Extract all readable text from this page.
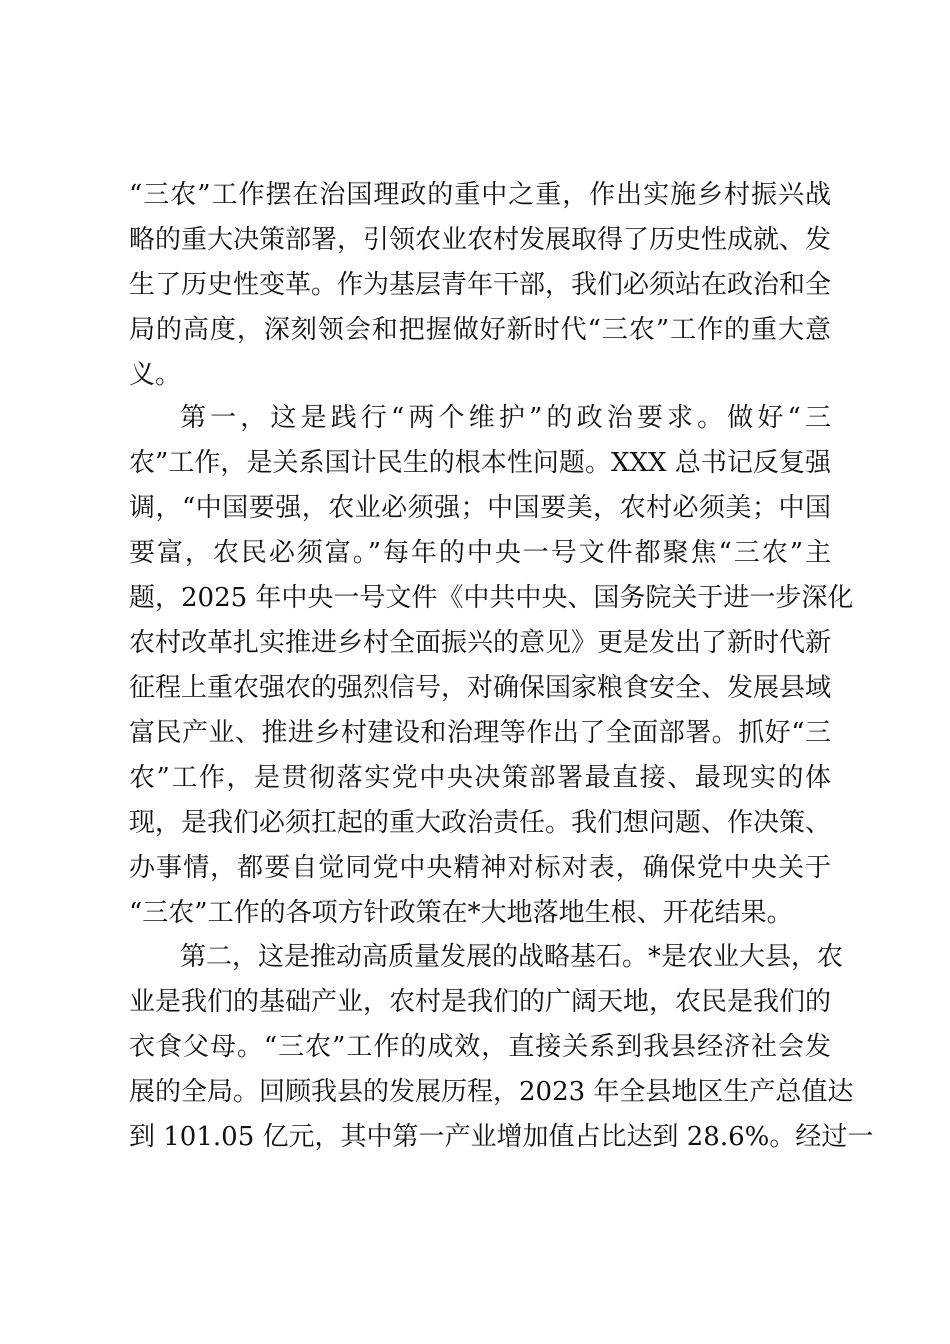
“三农”工作摆在治国理政的重中之重，作出实施乡村振兴战
略的重大决策部署，引领农业农村发展取得了历史性成就、发
生了历史性变革。作为基层青年干部，我们必须站在政治和全
局的高度，深刻领会和把握做好新时代“三农”工作的重大意
义。
第一，这是践行“两个维护”的政治要求。做好“三
农”工作，是关系国计民生的根本性问题。XXX 总书记反复强
调，“中国要强，农业必须强；中国要美，农村必须美；中国
要富，农民必须富。”每年的中央一号文件都聚焦“三农”主
题，2025 年中央一号文件《中共中央、国务院关于进一步深化
农村改革扎实推进乡村全面振兴的意见》更是发出了新时代新
征程上重农强农的强烈信号，对确保国家粮食安全、发展县域
富民产业、推进乡村建设和治理等作出了全面部署。抓好“三
农”工作，是贯彻落实党中央决策部署最直接、最现实的体
现，是我们必须扛起的重大政治责任。我们想问题、作决策、
办事情，都要自觉同党中央精神对标对表，确保党中央关于
“三农”工作的各项方针政策在*大地落地生根、开花结果。
第二，这是推动高质量发展的战略基石。*是农业大县，农
业是我们的基础产业，农村是我们的广阔天地，农民是我们的
衣食父母。“三农”工作的成效，直接关系到我县经济社会发
展的全局。回顾我县的发展历程，2023 年全县地区生产总值达
到 101.05 亿元，其中第一产业增加值占比达到 28.6%。经过一
